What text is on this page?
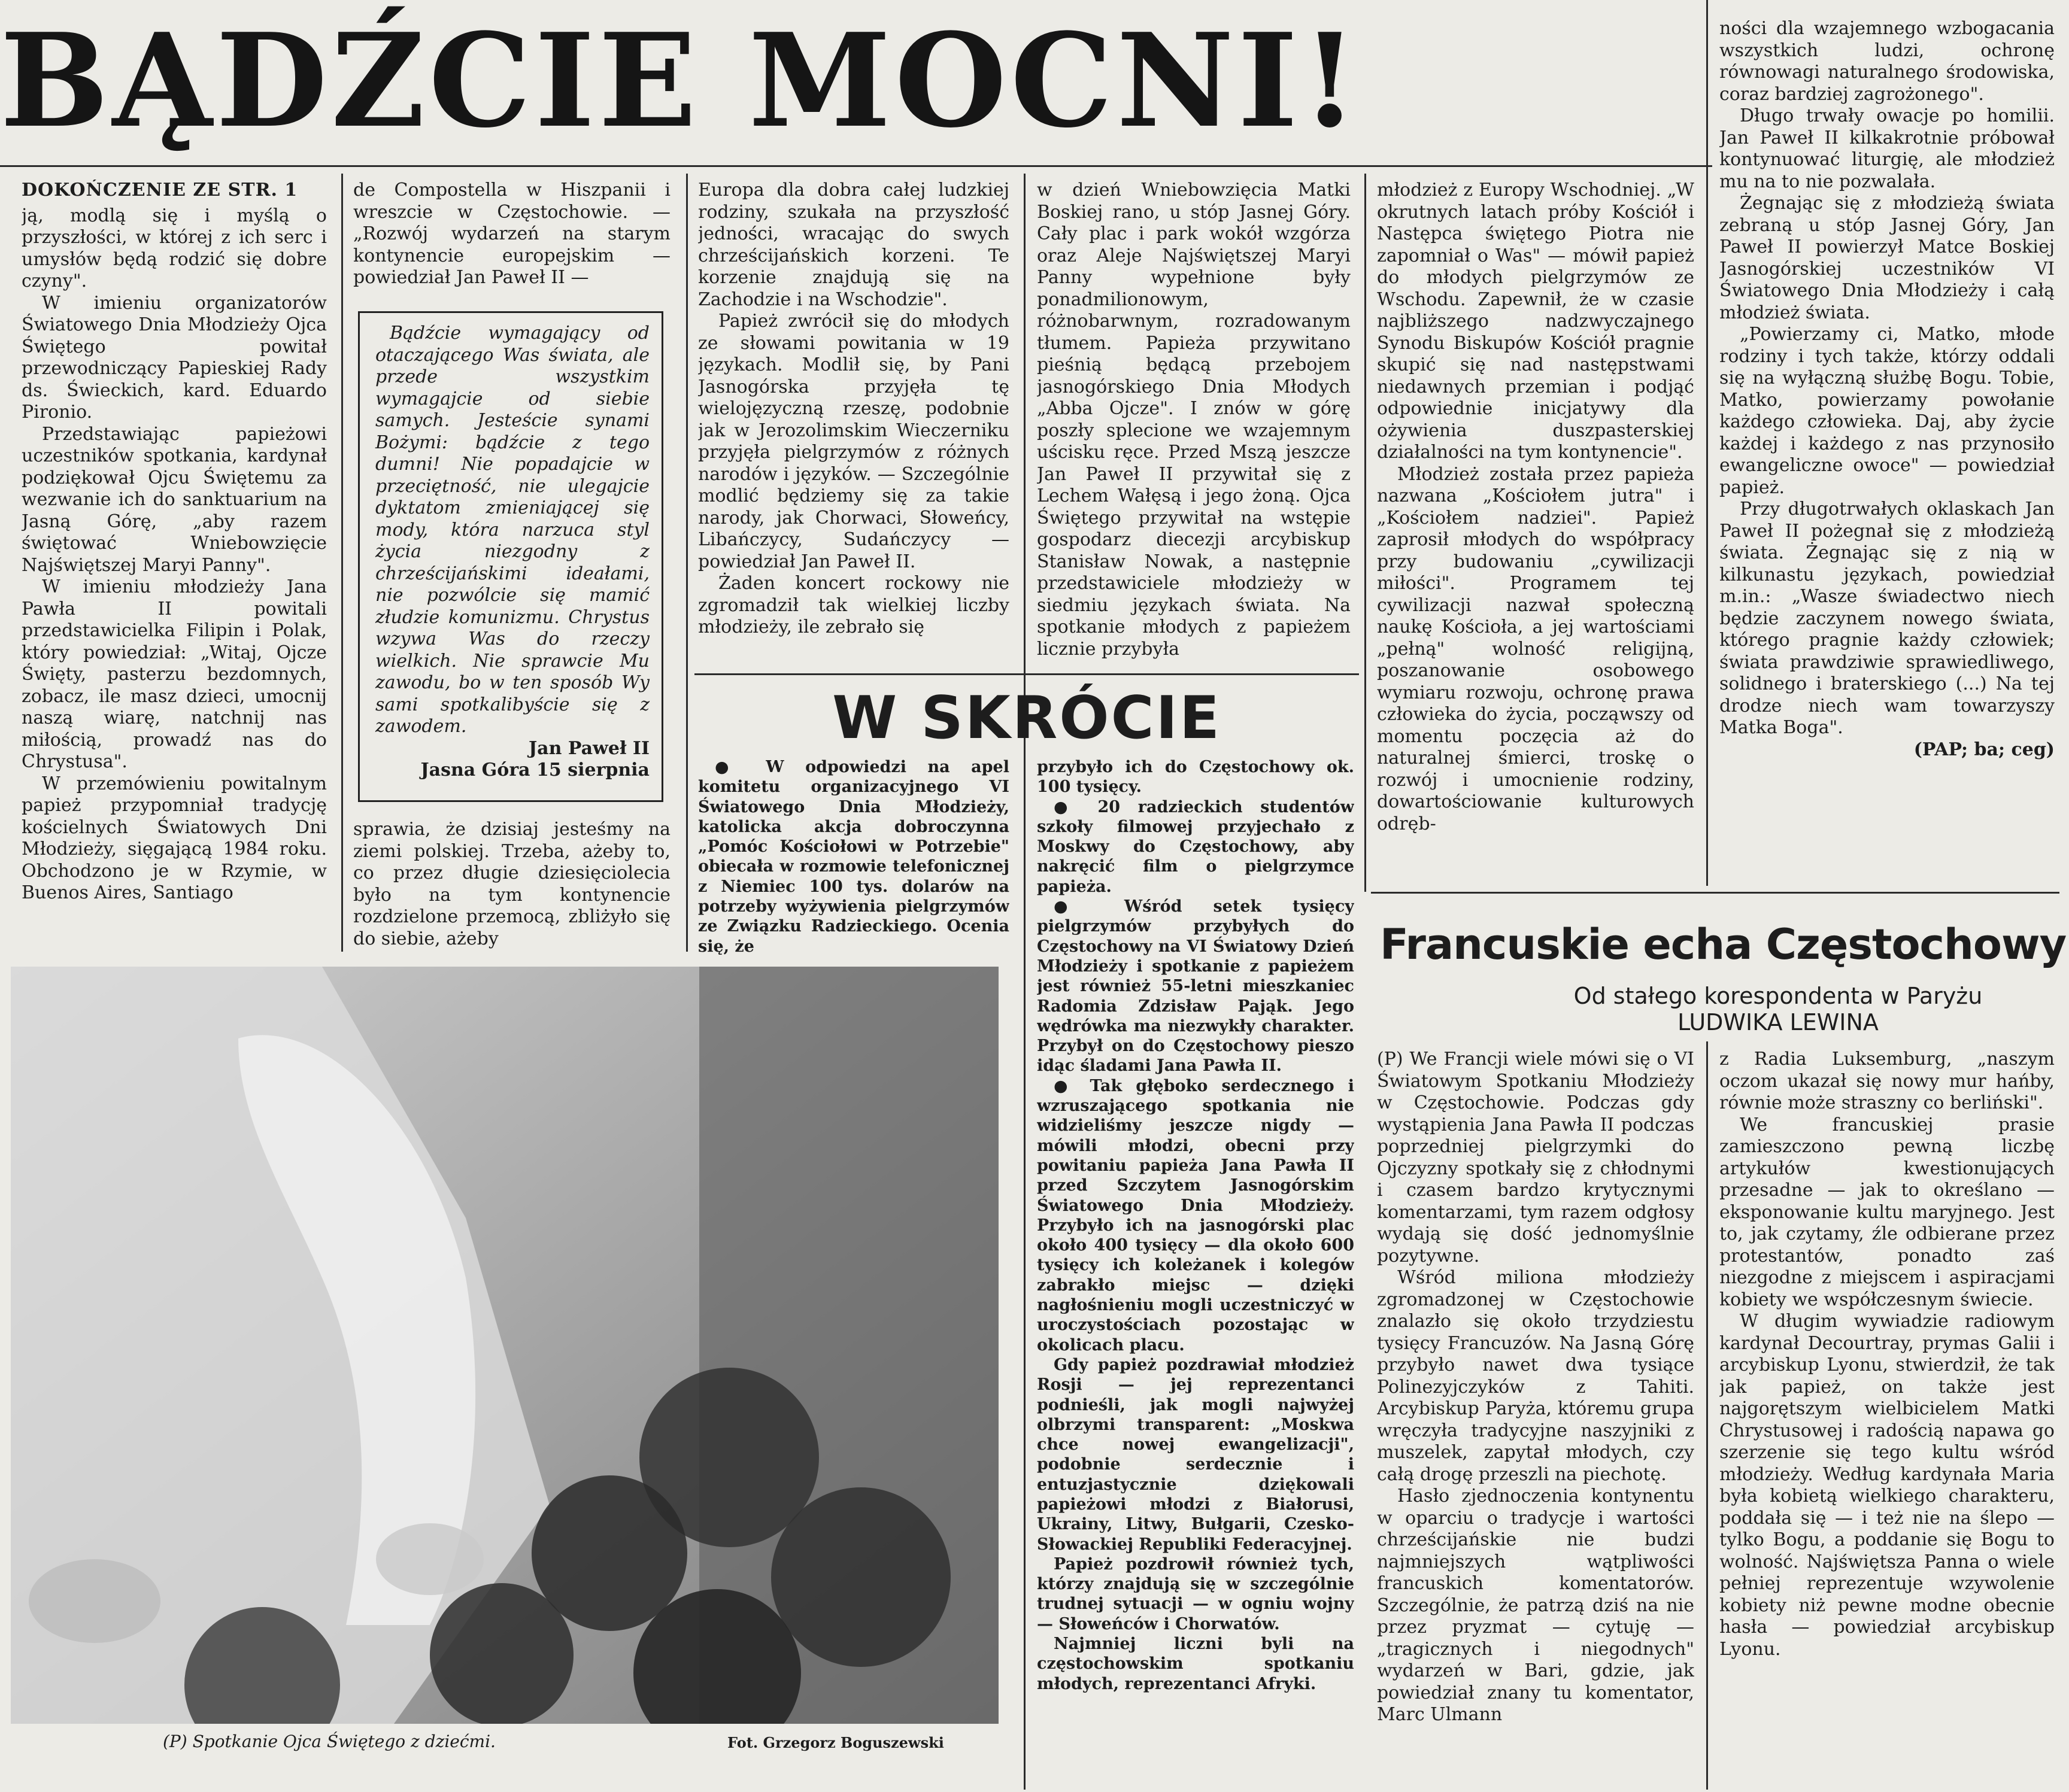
BĄDŹCIE MOCNI!

DOKOŃCZENIE ZE STR. 1

ją, modlą się i myślą o przyszłości, w której z ich serc i umysłów będą rodzić się dobre czyny".

W imieniu organizatorów Światowego Dnia Młodzieży Ojca Świętego powitał przewodniczący Papieskiej Rady ds. Świeckich, kard. Eduardo Pironio.

Przedstawiając papieżowi uczestników spotkania, kardynał podziękował Ojcu Świętemu za wezwanie ich do sanktuarium na Jasną Górę, „aby razem świętować Wniebowzięcie Najświętszej Maryi Panny".

W imieniu młodzieży Jana Pawła II powitali przedstawicielka Filipin i Polak, który powiedział: „Witaj, Ojcze Święty, pasterzu bezdomnych, zobacz, ile masz dzieci, umocnij naszą wiarę, natchnij nas miłością, prowadź nas do Chrystusa".

W przemówieniu powitalnym papież przypomniał tradycję kościelnych Światowych Dni Młodzieży, sięgającą 1984 roku. Obchodzono je w Rzymie, w Buenos Aires, Santiago

de Compostella w Hiszpanii i wreszcie w Częstochowie. — „Rozwój wydarzeń na starym kontynencie europejskim — powiedział Jan Paweł II —

Bądźcie wymagający od otaczającego Was świata, ale przede wszystkim wymagajcie od siebie samych. Jesteście synami Bożymi: bądźcie z tego dumni! Nie popadajcie w przeciętność, nie ulegajcie dyktatom zmieniającej się mody, która narzuca styl życia niezgodny z chrześcijańskimi ideałami, nie pozwólcie się mamić złudzie komunizmu. Chrystus wzywa Was do rzeczy wielkich. Nie sprawcie Mu zawodu, bo w ten sposób Wy sami spotkalibyście się z zawodem.

Jan Paweł II

Jasna Góra 15 sierpnia

sprawia, że dzisiaj jesteśmy na ziemi polskiej. Trzeba, ażeby to, co przez długie dziesięciolecia było na tym kontynencie rozdzielone przemocą, zbliżyło się do siebie, ażeby

Europa dla dobra całej ludzkiej rodziny, szukała na przyszłość jedności, wracając do swych chrześcijańskich korzeni. Te korzenie znajdują się na Zachodzie i na Wschodzie".

Papież zwrócił się do młodych ze słowami powitania w 19 językach. Modlił się, by Pani Jasnogórska przyjęła tę wielojęzyczną rzeszę, podobnie jak w Jerozolimskim Wieczerniku przyjęła pielgrzymów z różnych narodów i języków. — Szczególnie modlić będziemy się za takie narody, jak Chorwaci, Słoweńcy, Libańczycy, Sudańczycy — powiedział Jan Paweł II.

Żaden koncert rockowy nie zgromadził tak wielkiej liczby młodzieży, ile zebrało się

w dzień Wniebowzięcia Matki Boskiej rano, u stóp Jasnej Góry. Cały plac i park wokół wzgórza oraz Aleje Najświętszej Maryi Panny wypełnione były ponadmilionowym, różnobarwnym, rozradowanym tłumem. Papieża przywitano pieśnią będącą przebojem jasnogórskiego Dnia Młodych „Abba Ojcze". I znów w górę poszły splecione we wzajemnym uścisku ręce. Przed Mszą jeszcze Jan Paweł II przywitał się z Lechem Wałęsą i jego żoną. Ojca Świętego przywitał na wstępie gospodarz diecezji arcybiskup Stanisław Nowak, a następnie przedstawiciele młodzieży w siedmiu językach świata. Na spotkanie młodych z papieżem licznie przybyła

młodzież z Europy Wschodniej. „W okrutnych latach próby Kościół i Następca świętego Piotra nie zapomniał o Was" — mówił papież do młodych pielgrzymów ze Wschodu. Zapewnił, że w czasie najbliższego nadzwyczajnego Synodu Biskupów Kościół pragnie skupić się nad następstwami niedawnych przemian i podjąć odpowiednie inicjatywy dla ożywienia duszpasterskiej działalności na tym kontynencie".

Młodzież została przez papieża nazwana „Kościołem jutra" i „Kościołem nadziei". Papież zaprosił młodych do współpracy przy budowaniu „cywilizacji miłości". Programem tej cywilizacji nazwał społeczną naukę Kościoła, a jej wartościami „pełną" wolność religijną, poszanowanie osobowego wymiaru rozwoju, ochronę prawa człowieka do życia, począwszy od momentu poczęcia aż do naturalnej śmierci, troskę o rozwój i umocnienie rodziny, dowartościowanie kulturowych odręb-

ności dla wzajemnego wzbogacania wszystkich ludzi, ochronę równowagi naturalnego środowiska, coraz bardziej zagrożonego".

Długo trwały owacje po homilii. Jan Paweł II kilkakrotnie próbował kontynuować liturgię, ale młodzież mu na to nie pozwalała.

Żegnając się z młodzieżą świata zebraną u stóp Jasnej Góry, Jan Paweł II powierzył Matce Boskiej Jasnogórskiej uczestników VI Światowego Dnia Młodzieży i całą młodzież świata.

„Powierzamy ci, Matko, młode rodziny i tych także, którzy oddali się na wyłączną służbę Bogu. Tobie, Matko, powierzamy powołanie każdego człowieka. Daj, aby życie każdej i każdego z nas przynosiło ewangeliczne owoce" — powiedział papież.

Przy długotrwałych oklaskach Jan Paweł II pożegnał się z młodzieżą świata. Żegnając się z nią w kilkunastu językach, powiedział m.in.: „Wasze świadectwo niech będzie zaczynem nowego świata, którego pragnie każdy człowiek; świata prawdziwie sprawiedliwego, solidnego i braterskiego (...) Na tej drodze niech wam towarzyszy Matka Boga".

(PAP; ba; ceg)

W SKRÓCIE

● W odpowiedzi na apel komitetu organizacyjnego VI Światowego Dnia Młodzieży, katolicka akcja dobroczynna „Pomóc Kościołowi w Potrzebie" obiecała w rozmowie telefonicznej z Niemiec 100 tys. dolarów na potrzeby wyżywienia pielgrzymów ze Związku Radzieckiego. Ocenia się, że

przybyło ich do Częstochowy ok. 100 tysięcy.

● 20 radzieckich studentów szkoły filmowej przyjechało z Moskwy do Częstochowy, aby nakręcić film o pielgrzymce papieża.

● Wśród setek tysięcy pielgrzymów przybyłych do Częstochowy na VI Światowy Dzień Młodzieży i spotkanie z papieżem jest również 55-letni mieszkaniec Radomia Zdzisław Pająk. Jego wędrówka ma niezwykły charakter. Przybył on do Częstochowy pieszo idąc śladami Jana Pawła II.

● Tak głęboko serdecznego i wzruszającego spotkania nie widzieliśmy jeszcze nigdy — mówili młodzi, obecni przy powitaniu papieża Jana Pawła II przed Szczytem Jasnogórskim Światowego Dnia Młodzieży. Przybyło ich na jasnogórski plac około 400 tysięcy — dla około 600 tysięcy ich koleżanek i kolegów zabrakło miejsc — dzięki nagłośnieniu mogli uczestniczyć w uroczystościach pozostając w okolicach placu.

Gdy papież pozdrawiał młodzież Rosji — jej reprezentanci podnieśli, jak mogli najwyżej olbrzymi transparent: „Moskwa chce nowej ewangelizacji", podobnie serdecznie i entuzjastycznie dziękowali papieżowi młodzi z Białorusi, Ukrainy, Litwy, Bułgarii, Czesko-Słowackiej Republiki Federacyjnej.

Papież pozdrowił również tych, którzy znajdują się w szczególnie trudnej sytuacji — w ogniu wojny — Słoweńców i Chorwatów.

Najmniej liczni byli na częstochowskim spotkaniu młodych, reprezentanci Afryki.

(P) Spotkanie Ojca Świętego z dziećmi.	Fot. Grzegorz Boguszewski
Francuskie echa Częstochowy
Od stałego korespondenta w Paryżu
LUDWIKA LEWINA

(P) We Francji wiele mówi się o VI Światowym Spotkaniu Młodzieży w Częstochowie. Podczas gdy wystąpienia Jana Pawła II podczas poprzedniej pielgrzymki do Ojczyzny spotkały się z chłodnymi i czasem bardzo krytycznymi komentarzami, tym razem odgłosy wydają się dość jednomyślnie pozytywne.

Wśród miliona młodzieży zgromadzonej w Częstochowie znalazło się około trzydziestu tysięcy Francuzów. Na Jasną Górę przybyło nawet dwa tysiące Polinezyjczyków z Tahiti. Arcybiskup Paryża, któremu grupa wręczyła tradycyjne naszyjniki z muszelek, zapytał młodych, czy całą drogę przeszli na piechotę.

Hasło zjednoczenia kontynentu w oparciu o tradycje i wartości chrześcijańskie nie budzi najmniejszych wątpliwości francuskich komentatorów. Szczególnie, że patrzą dziś na nie przez pryzmat — cytuję — „tragicznych i niegodnych" wydarzeń w Bari, gdzie, jak powiedział znany tu komentator, Marc Ulmann

z Radia Luksemburg, „naszym oczom ukazał się nowy mur hańby, równie może straszny co berliński".

We francuskiej prasie zamieszczono pewną liczbę artykułów kwestionujących przesadne — jak to określano — eksponowanie kultu maryjnego. Jest to, jak czytamy, źle odbierane przez protestantów, ponadto zaś niezgodne z miejscem i aspiracjami kobiety we współczesnym świecie.

W długim wywiadzie radiowym kardynał Decourtray, prymas Galii i arcybiskup Lyonu, stwierdził, że tak jak papież, on także jest najgorętszym wielbicielem Matki Chrystusowej i radością napawa go szerzenie się tego kultu wśród młodzieży. Według kardynała Maria była kobietą wielkiego charakteru, poddała się — i też nie na ślepo — tylko Bogu, a poddanie się Bogu to wolność. Najświętsza Panna o wiele pełniej reprezentuje wzywolenie kobiety niż pewne modne obecnie hasła — powiedział arcybiskup Lyonu.
